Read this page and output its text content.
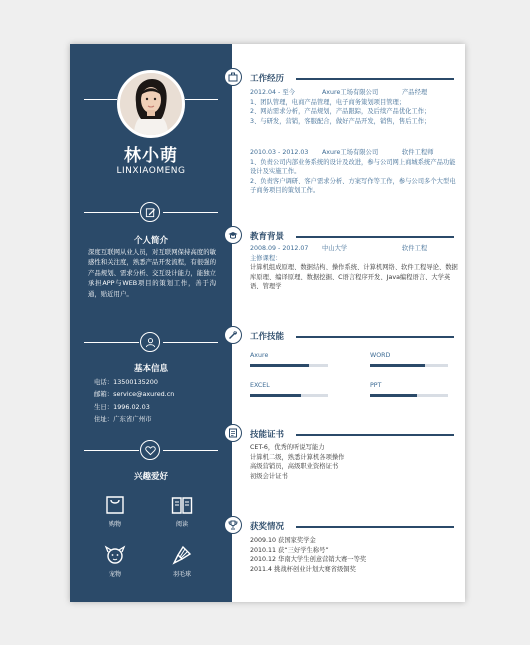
林小萌
LINXIAOMENG
个人简介
深度互联网从业人员，对互联网保持高度的敏感性和关注度，熟悉产品开发流程，有很强的产品规划、需求分析、交互设计能力，能独立承担APP与WEB项目的策划工作，善于沟通，贴近用户。
基本信息
电话：13500135200
邮箱：service@axured.cn
生日：1996.02.03
住址：广东省广州市
兴趣爱好
购物	阅读
宠物	羽毛球
工作经历
2012.04 - 至今	Axure工场有限公司	产品经理
1、团队管理，电商产品管理，电子商务策划项目管理；
2、网站需求分析，产品规划，产品跟踪，及后续产品优化工作；
3、与研发，营销，客服配合，做好产品开发，销售，售后工作；
2010.03 - 2012.03	Axure工场有限公司	软件工程师
1、负责公司内部业务系统的设计及改进，参与公司网上商城系统产品功能设计及实施工作。
2、负责客户调研、客户需求分析、方案写作等工作，参与公司多个大型电子商务项目的策划工作。
教育背景
2008.09 - 2012.07	中山大学	软件工程
主修课程：
计算机组成原理、数据结构、操作系统、计算机网络、软件工程导论、数据库原理、编译原理、数据挖掘、C语言程序开发、Java编程语言、大学英语、管理学
工作技能
Axure	WORD
EXCEL	PPT
技能证书
CET-6，优秀的听说写能力
计算机二级，熟悉计算机各项操作
高级营销员，高级职业资格证书
初级会计证书
获奖情况
2009.10 获国家奖学金
2010.11 获“三好学生称号”
2010.12 华南大学生创意营销大赛一等奖
2011.4 挑战杯创业计划大赛省级铜奖
